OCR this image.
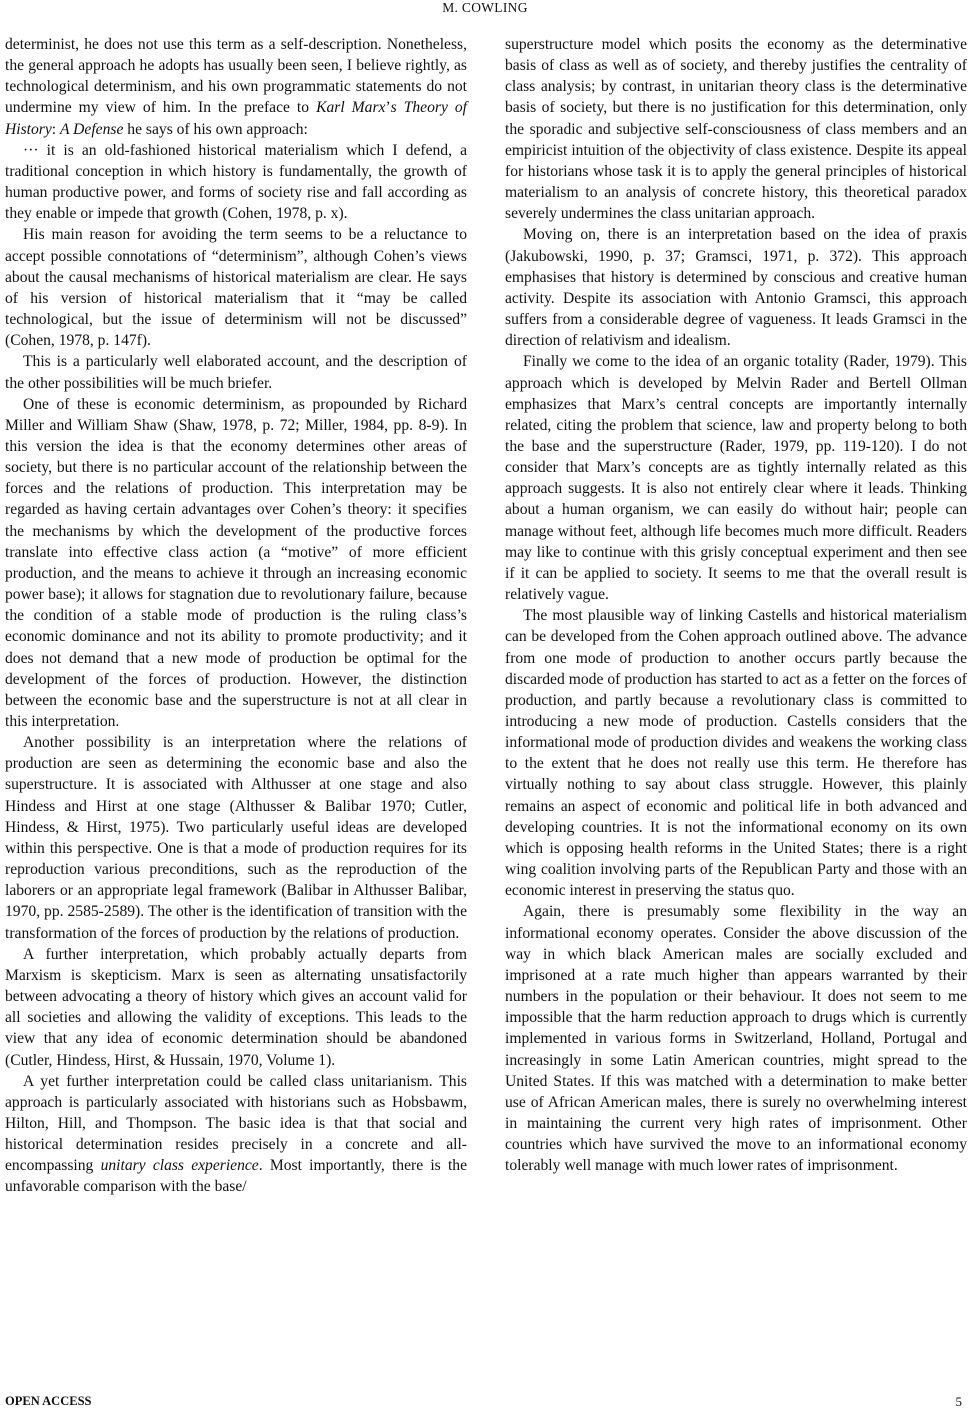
M. COWLING

determinist, he does not use this term as a self-description. Nonetheless, the general approach he adopts has usually been seen, I believe rightly, as technological determinism, and his own programmatic statements do not undermine my view of him. In the preface to Karl Marx’s Theory of History: A Defense he says of his own approach:

··· it is an old-fashioned historical materialism which I defend, a traditional conception in which history is fundamentally, the growth of human productive power, and forms of society rise and fall according as they enable or impede that growth (Cohen, 1978, p. x).

His main reason for avoiding the term seems to be a reluctance to accept possible connotations of “determinism”, although Cohen’s views about the causal mechanisms of historical materialism are clear. He says of his version of historical materialism that it “may be called technological, but the issue of determinism will not be discussed” (Cohen, 1978, p. 147f).

This is a particularly well elaborated account, and the description of the other possibilities will be much briefer.

One of these is economic determinism, as propounded by Richard Miller and William Shaw (Shaw, 1978, p. 72; Miller, 1984, pp. 8-9). In this version the idea is that the economy determines other areas of society, but there is no particular account of the relationship between the forces and the relations of production. This interpretation may be regarded as having certain advantages over Cohen’s theory: it specifies the mechanisms by which the development of the productive forces translate into effective class action (a “motive” of more efficient production, and the means to achieve it through an increasing economic power base); it allows for stagnation due to revolutionary failure, because the condition of a stable mode of production is the ruling class’s economic dominance and not its ability to promote productivity; and it does not demand that a new mode of production be optimal for the development of the forces of production. However, the distinction between the economic base and the superstructure is not at all clear in this interpretation.

Another possibility is an interpretation where the relations of production are seen as determining the economic base and also the superstructure. It is associated with Althusser at one stage and also Hindess and Hirst at one stage (Althusser & Balibar 1970; Cutler, Hindess, & Hirst, 1975). Two particularly useful ideas are developed within this perspective. One is that a mode of production requires for its reproduction various preconditions, such as the reproduction of the laborers or an appropriate legal framework (Balibar in Althusser Balibar, 1970, pp. 2585-2589). The other is the identification of transition with the transformation of the forces of production by the relations of production.

A further interpretation, which probably actually departs from Marxism is skepticism. Marx is seen as alternating unsatisfactorily between advocating a theory of history which gives an account valid for all societies and allowing the validity of exceptions. This leads to the view that any idea of economic determination should be abandoned (Cutler, Hindess, Hirst, & Hussain, 1970, Volume 1).

A yet further interpretation could be called class unitarianism. This approach is particularly associated with historians such as Hobsbawm, Hilton, Hill, and Thompson. The basic idea is that that social and historical determination resides precisely in a concrete and all-encompassing unitary class experience. Most importantly, there is the unfavorable comparison with the base/

superstructure model which posits the economy as the determinative basis of class as well as of society, and thereby justifies the centrality of class analysis; by contrast, in unitarian theory class is the determinative basis of society, but there is no justification for this determination, only the sporadic and subjective self-consciousness of class members and an empiricist intuition of the objectivity of class existence. Despite its appeal for historians whose task it is to apply the general principles of historical materialism to an analysis of concrete history, this theoretical paradox severely undermines the class unitarian approach.

Moving on, there is an interpretation based on the idea of praxis (Jakubowski, 1990, p. 37; Gramsci, 1971, p. 372). This approach emphasises that history is determined by conscious and creative human activity. Despite its association with Antonio Gramsci, this approach suffers from a considerable degree of vagueness. It leads Gramsci in the direction of relativism and idealism.

Finally we come to the idea of an organic totality (Rader, 1979). This approach which is developed by Melvin Rader and Bertell Ollman emphasizes that Marx’s central concepts are importantly internally related, citing the problem that science, law and property belong to both the base and the superstructure (Rader, 1979, pp. 119-120). I do not consider that Marx’s concepts are as tightly internally related as this approach suggests. It is also not entirely clear where it leads. Thinking about a human organism, we can easily do without hair; people can manage without feet, although life becomes much more difficult. Readers may like to continue with this grisly conceptual experiment and then see if it can be applied to society. It seems to me that the overall result is relatively vague.

The most plausible way of linking Castells and historical materialism can be developed from the Cohen approach outlined above. The advance from one mode of production to another occurs partly because the discarded mode of production has started to act as a fetter on the forces of production, and partly because a revolutionary class is committed to introducing a new mode of production. Castells considers that the informational mode of production divides and weakens the working class to the extent that he does not really use this term. He therefore has virtually nothing to say about class struggle. However, this plainly remains an aspect of economic and political life in both advanced and developing countries. It is not the informational economy on its own which is opposing health reforms in the United States; there is a right wing coalition involving parts of the Republican Party and those with an economic interest in preserving the status quo.

Again, there is presumably some flexibility in the way an informational economy operates. Consider the above discussion of the way in which black American males are socially excluded and imprisoned at a rate much higher than appears warranted by their numbers in the population or their behaviour. It does not seem to me impossible that the harm reduction approach to drugs which is currently implemented in various forms in Switzerland, Holland, Portugal and increasingly in some Latin American countries, might spread to the United States. If this was matched with a determination to make better use of African American males, there is surely no overwhelming interest in maintaining the current very high rates of imprisonment. Other countries which have survived the move to an informational economy tolerably well manage with much lower rates of imprisonment.

OPEN ACCESS	5
